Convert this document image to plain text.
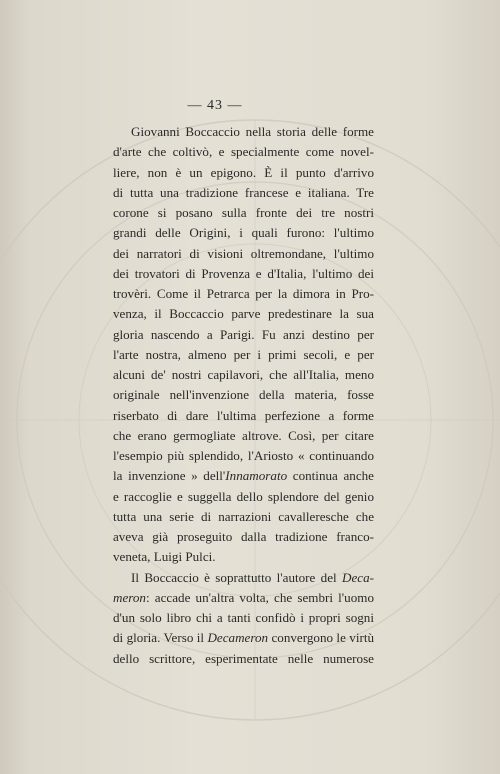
— 43 —
Giovanni Boccaccio nella storia delle forme
d'arte che coltivò, e specialmente come novel-
liere, non è un epigono. È il punto d'arrivo
di tutta una tradizione francese e italiana. Tre
corone si posano sulla fronte dei tre nostri
grandi delle Origini, i quali furono: l'ultimo
dei narratori di visioni oltremondane, l'ultimo
dei trovatori di Provenza e d'Italia, l'ultimo dei
trovèri. Come il Petrarca per la dimora in Pro-
venza, il Boccaccio parve predestinare la sua
gloria nascendo a Parigi. Fu anzi destino per
l'arte nostra, almeno per i primi secoli, e per
alcuni de' nostri capilavori, che all'Italia, meno
originale nell'invenzione della materia, fosse
riserbato di dare l'ultima perfezione a forme
che erano germogliate altrove. Così, per citare
l'esempio più splendido, l'Ariosto « continuando
la invenzione » dell'Innamorato continua anche
e raccoglie e suggella dello splendore del genio
tutta una serie di narrazioni cavalleresche che
aveva già proseguito dalla tradizione franco-
veneta, Luigi Pulci.
Il Boccaccio è soprattutto l'autore del Deca-
meron: accade un'altra volta, che sembri l'uomo
d'un solo libro chi a tanti confidò i propri sogni
di gloria. Verso il Decameron convergono le virtù
dello scrittore, esperimentate nelle numerose
